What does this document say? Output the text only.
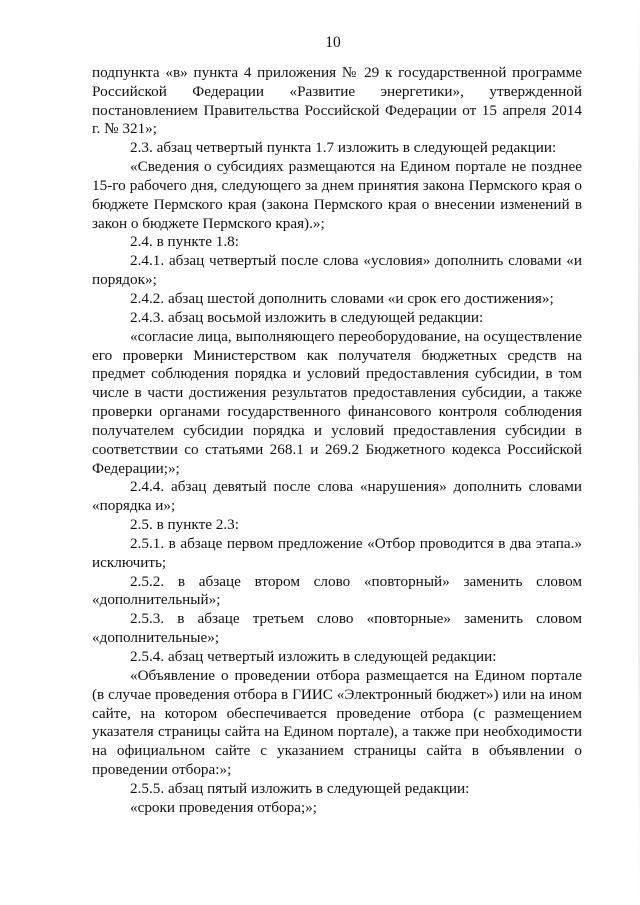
10

подпункта «в» пункта 4 приложения № 29 к государственной программе Российской Федерации «Развитие энергетики», утвержденной постановлением Правительства Российской Федерации от 15 апреля 2014 г. № 321»;

2.3. абзац четвертый пункта 1.7 изложить в следующей редакции:

«Сведения о субсидиях размещаются на Едином портале не позднее 15-го рабочего дня, следующего за днем принятия закона Пермского края о бюджете Пермского края (закона Пермского края о внесении изменений в закон о бюджете Пермского края).»;

2.4. в пункте 1.8:

2.4.1. абзац четвертый после слова «условия» дополнить словами «и порядок»;

2.4.2. абзац шестой дополнить словами «и срок его достижения»;

2.4.3. абзац восьмой изложить в следующей редакции:

«согласие лица, выполняющего переоборудование, на осуществление его проверки Министерством как получателя бюджетных средств на предмет соблюдения порядка и условий предоставления субсидии, в том числе в части достижения результатов предоставления субсидии, а также проверки органами государственного финансового контроля соблюдения получателем субсидии порядка и условий предоставления субсидии в соответствии со статьями 268.1 и 269.2 Бюджетного кодекса Российской Федерации;»;

2.4.4. абзац девятый после слова «нарушения» дополнить словами «порядка и»;

2.5. в пункте 2.3:

2.5.1. в абзаце первом предложение «Отбор проводится в два этапа.» исключить;

2.5.2. в абзаце втором слово «повторный» заменить словом «дополнительный»;

2.5.3. в абзаце третьем слово «повторные» заменить словом «дополнительные»;

2.5.4. абзац четвертый изложить в следующей редакции:

«Объявление о проведении отбора размещается на Едином портале (в случае проведения отбора в ГИИС «Электронный бюджет») или на ином сайте, на котором обеспечивается проведение отбора (с размещением указателя страницы сайта на Едином портале), а также при необходимости на официальном сайте с указанием страницы сайта в объявлении о проведении отбора:»;

2.5.5. абзац пятый изложить в следующей редакции:

«сроки проведения отбора;»;
